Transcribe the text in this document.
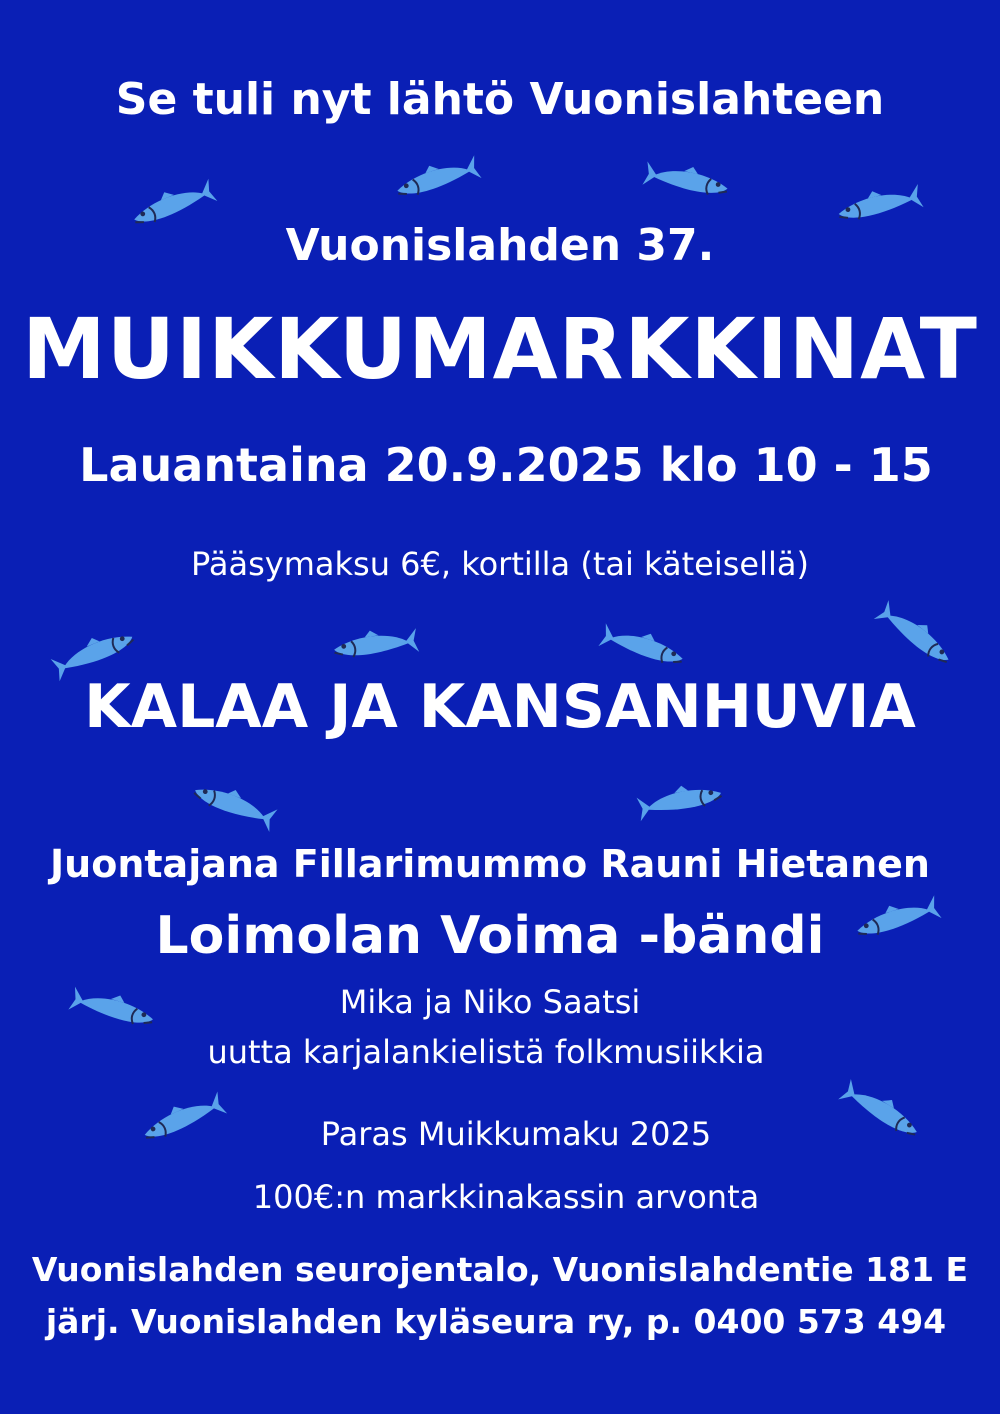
Se tuli nyt lähtö Vuonislahteen

Vuonislahden 37.

MUIKKUMARKKINAT

Lauantaina 20.9.2025 klo 10 - 15

Pääsymaksu 6€, kortilla (tai käteisellä)

KALAA JA KANSANHUVIA

Juontajana Fillarimummo Rauni Hietanen

Loimolan Voima -bändi

Mika ja Niko Saatsi

uutta karjalankielistä folkmusiikkia

Paras Muikkumaku 2025

100€:n markkinakassin arvonta

Vuonislahden seurojentalo, Vuonislahdentie 181 E

järj. Vuonislahden kyläseura ry, p. 0400 573 494
